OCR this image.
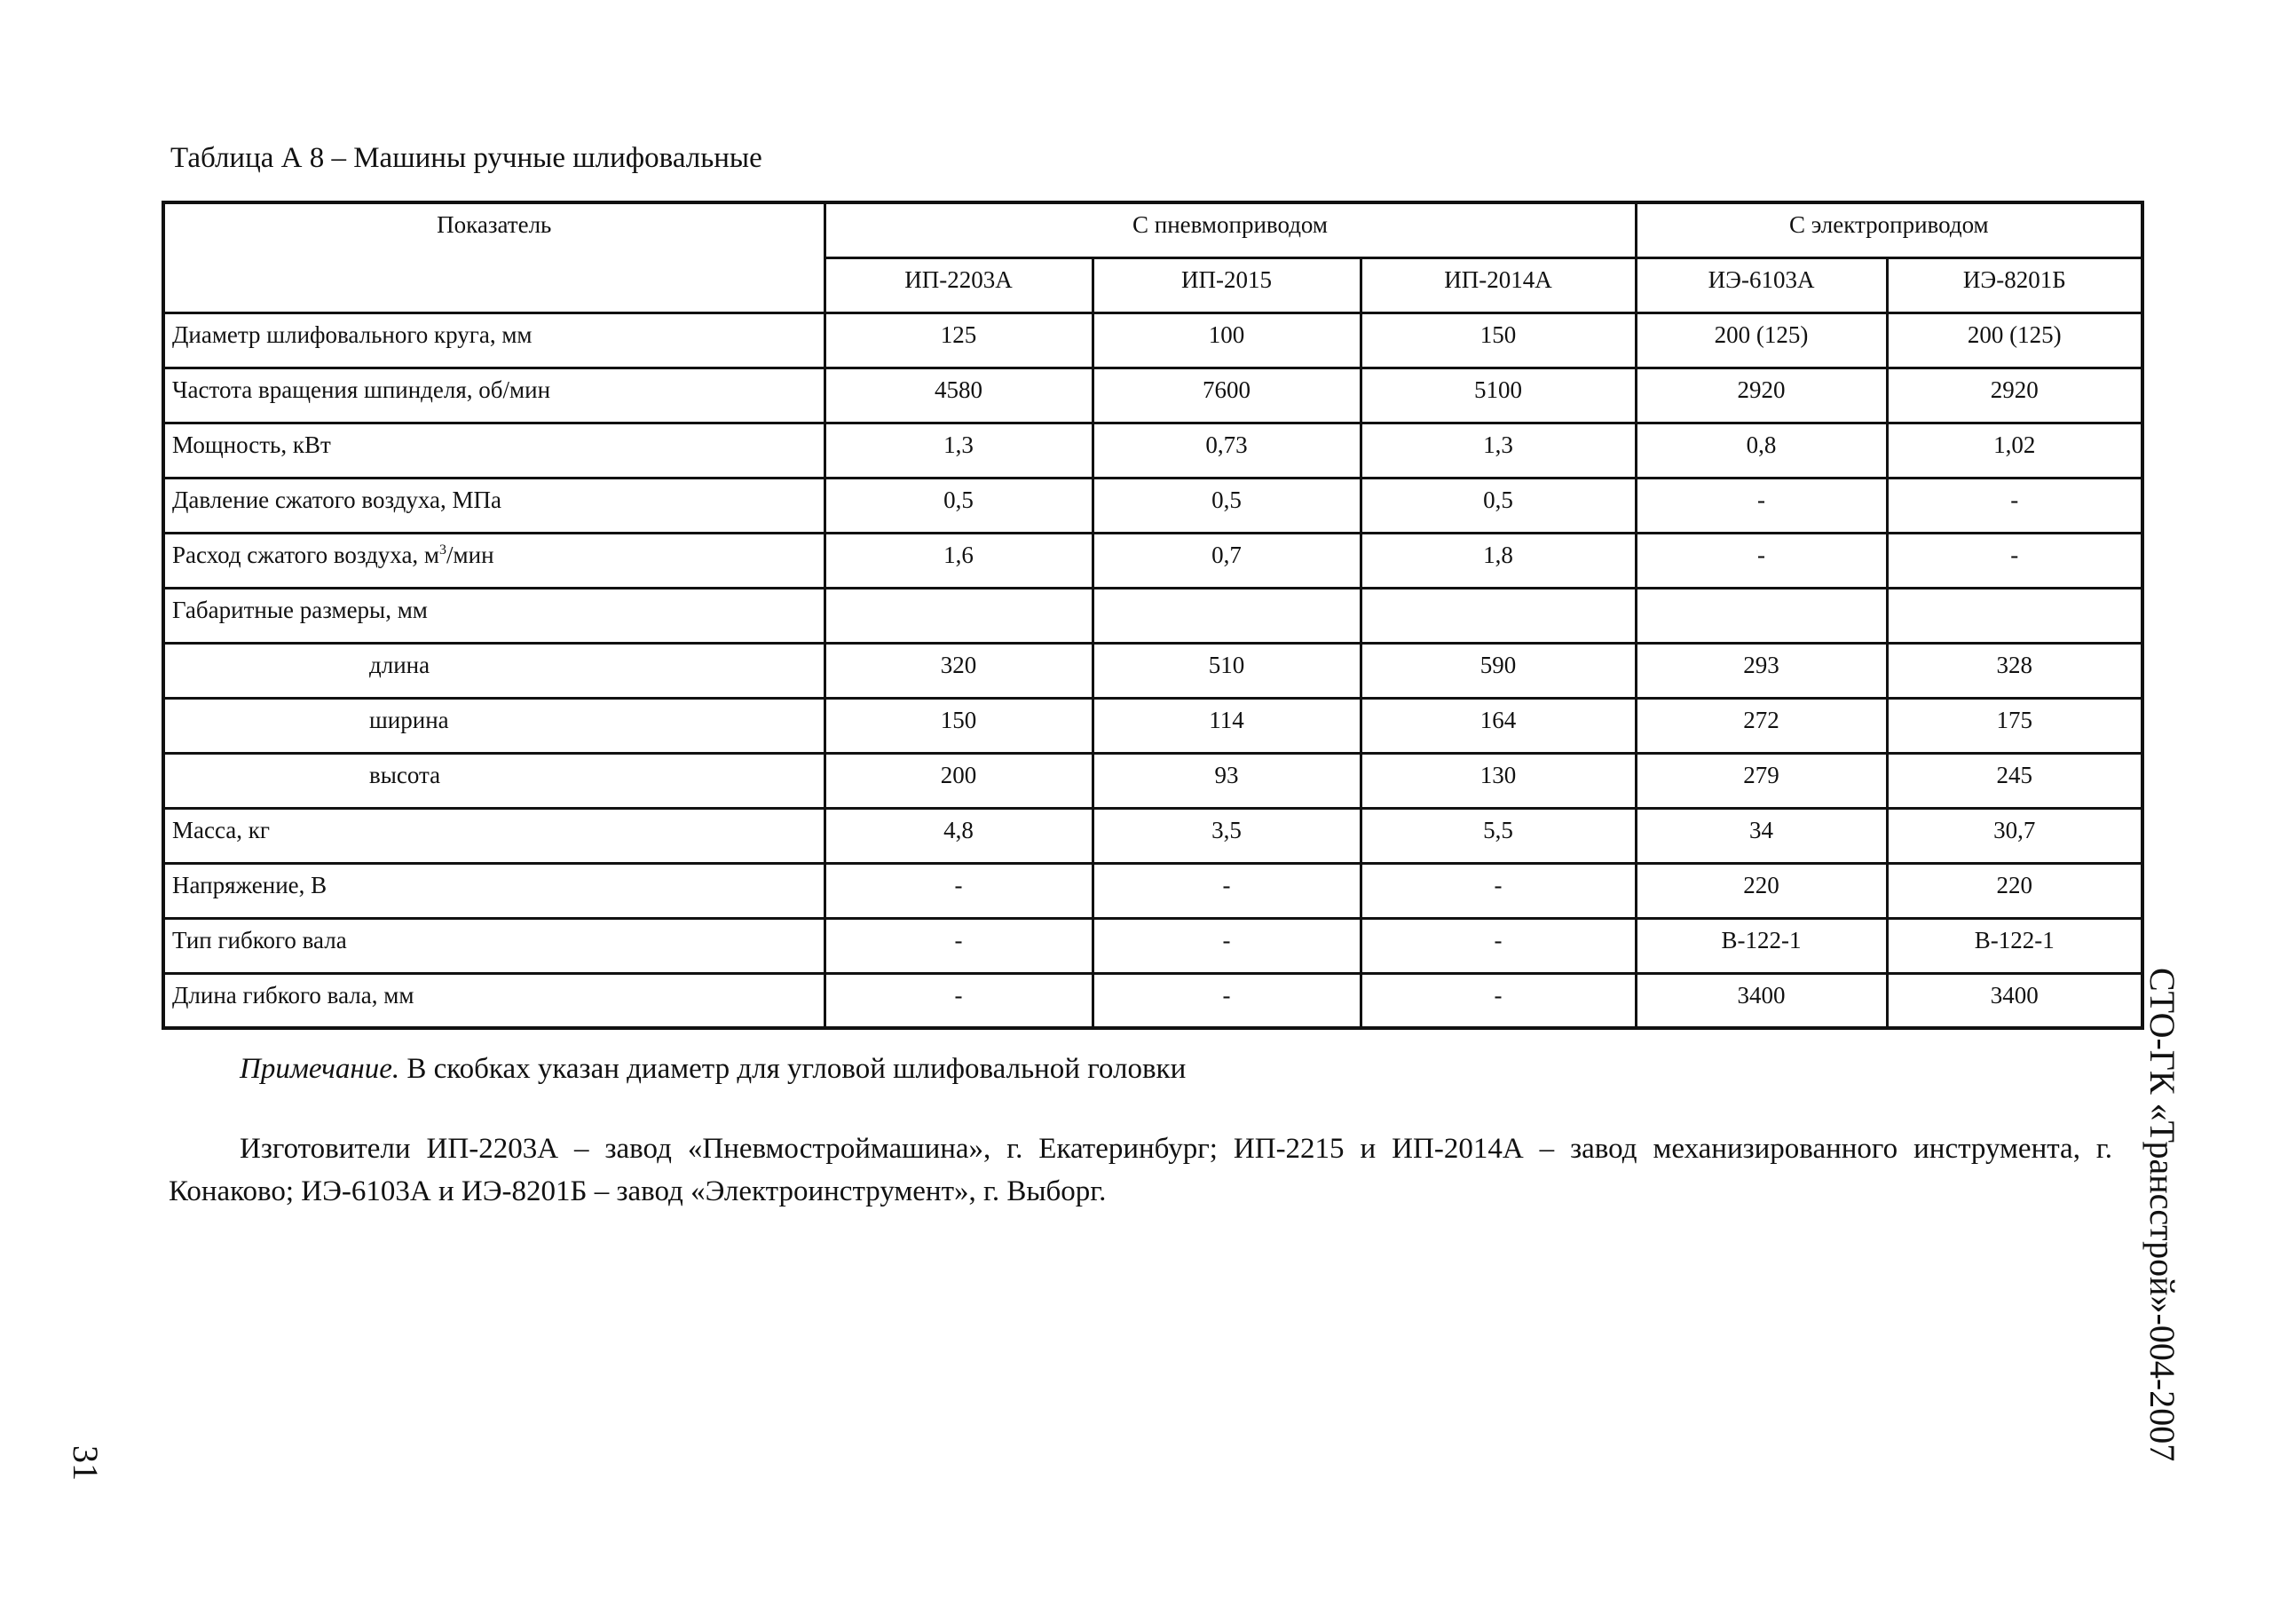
Таблица А 8 – Машины ручные шлифовальные
Показатель	С пневмоприводом			С электроприводом	
	ИП-2203А	ИП-2015	ИП-2014А	ИЭ-6103А	ИЭ-8201Б
Диаметр шлифовального круга, мм	125	100	150	200 (125)	200 (125)
Частота вращения шпинделя, об/мин	4580	7600	5100	2920	2920
Мощность, кВт	1,3	0,73	1,3	0,8	1,02
Давление сжатого воздуха, МПа	0,5	0,5	0,5	-	-
Расход сжатого воздуха, $м^3$/мин	1,6	0,7	1,8	-	-
Габаритные размеры, мм					
длина	320	510	590	293	328
ширина	150	114	164	272	175
высота	200	93	130	279	245
Масса, кг	4,8	3,5	5,5	34	30,7
Напряжение, В	-	-	-	220	220
Тип гибкого вала	-	-	-	В-122-1	В-122-1
Длина гибкого вала, мм	-	-	-	3400	3400
Примечание. В скобках указан диаметр для угловой шлифовальной головки
Изготовители ИП-2203А – завод «Пневмостроймашина», г. Екатеринбург; ИП-2215 и ИП-2014А – завод механизированного инструмента, г. Конаково; ИЭ-6103А и ИЭ-8201Б – завод «Электроинструмент», г. Выборг.	СТО-ГК «Трансстрой»-004-2007
31
